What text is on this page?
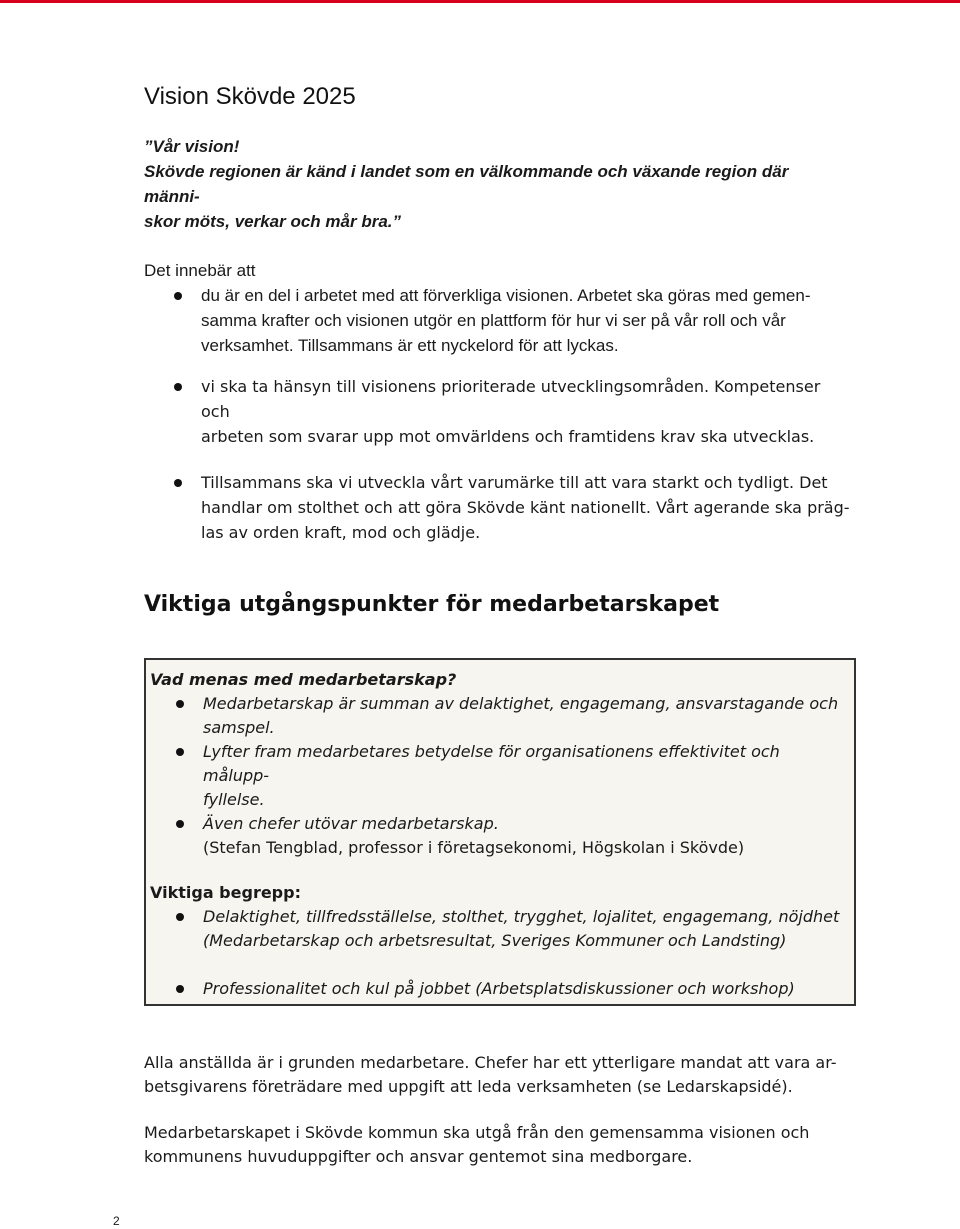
Vision Skövde 2025
”Vår vision!
Skövde regionen är känd i landet som en välkommande och växande region där männi-
skor möts, verkar och mår bra.”
Det innebär att
du är en del i arbetet med att förverkliga visionen. Arbetet ska göras med gemen-
samma krafter och visionen utgör en plattform för hur vi ser på vår roll och vår
verksamhet. Tillsammans är ett nyckelord för att lyckas.
vi ska ta hänsyn till visionens prioriterade utvecklingsområden. Kompetenser och
arbeten som svarar upp mot omvärldens och framtidens krav ska utvecklas.
Tillsammans ska vi utveckla vårt varumärke till att vara starkt och tydligt. Det
handlar om stolthet och att göra Skövde känt nationellt. Vårt agerande ska präg-
las av orden kraft, mod och glädje.
Viktiga utgångspunkter för medarbetarskapet
Vad menas med medarbetarskap?
Medarbetarskap är summan av delaktighet, engagemang, ansvarstagande och
samspel.
Lyfter fram medarbetares betydelse för organisationens effektivitet och målupp-
fyllelse.
Även chefer utövar medarbetarskap.
(Stefan Tengblad, professor i företagsekonomi, Högskolan i Skövde)
Viktiga begrepp:
Delaktighet, tillfredsställelse, stolthet, trygghet, lojalitet, engagemang, nöjdhet
(Medarbetarskap och arbetsresultat, Sveriges Kommuner och Landsting)
Professionalitet och kul på jobbet (Arbetsplatsdiskussioner och workshop)
Alla anställda är i grunden medarbetare. Chefer har ett ytterligare mandat att vara ar-
betsgivarens företrädare med uppgift att leda verksamheten (se Ledarskapsidé).
Medarbetarskapet i Skövde kommun ska utgå från den gemensamma visionen och
kommunens huvuduppgifter och ansvar gentemot sina medborgare.
2
